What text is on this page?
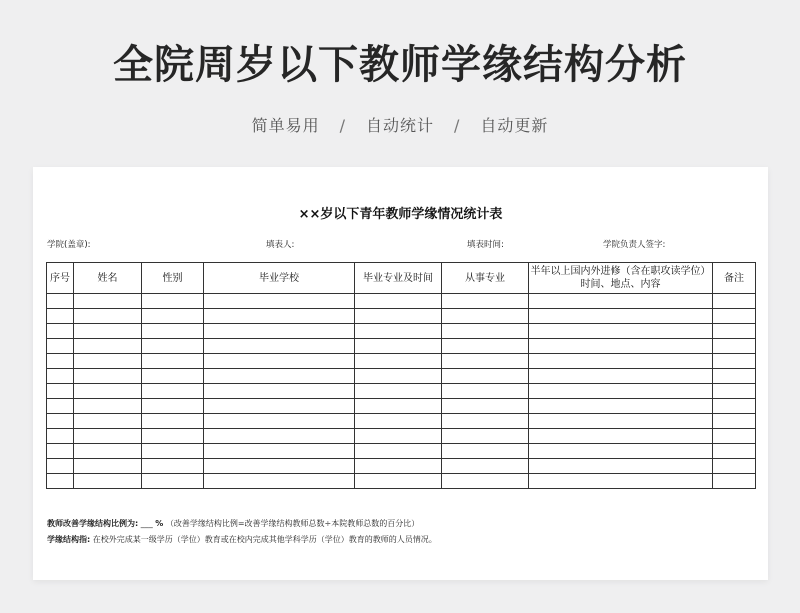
全院周岁以下教师学缘结构分析
简单易用 / 自动统计 / 自动更新
××岁以下青年教师学缘情况统计表
学院(盖章):	填表人:	填表时间:	学院负责人签字:
序号	姓名	性别	毕业学校	毕业专业及时间	从事专业	半年以上国内外进修（含在职攻读学位）时间、地点、内容	备注

教师改善学缘结构比例为: ___ % （改善学缘结构比例=改善学缘结构教师总数÷本院教师总数的百分比）
学缘结构指: 在校外完成某一级学历（学位）教育或在校内完成其他学科学历（学位）教育的教师的人员情况。
